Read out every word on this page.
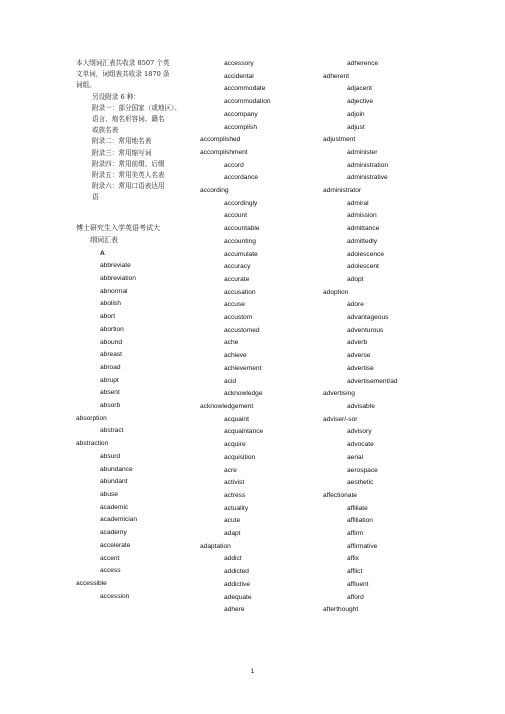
本大纲词汇表共收录 8507 个英
文单词，词组表共收录 1870 条
词组。
另设附录 6 种：
附录一：部分国家（或地区）、
语言、炮名形容词、籍名
或族名表
附录二：常用地名表
附录三：常用缩写词
附录四：常用前缀、后缀
附录五：常用美英人名表
附录六：常用口语表达用
语
博士研究生入学英语考试大
纲词汇表
A
abbreviate
abbreviation
abnormal
abolish
abort
abortion
abound
abreast
abroad
abrupt
absent
absorb
absorption
abstract
abstraction
absurd
abundance
abundant
abuse
academic
academician
academy
accelerate
accent
access
accessible
accession
accessory
accidental
accommodate
accommodation
accompany
accomplish
accomplished
accomplishment
accord
accordance
according
accordingly
account
accountable
accounting
accumulate
accuracy
accurate
accusation
accuse
accustom
accustomed
ache
achieve
achievement
acid
acknowledge
acknowledgement
acquaint
acquaintance
acquire
acquisition
acre
activist
actress
actuality
acute
adapt
adaptation
addict
addicted
addictive
adequate
adhere
adherence
adherent
adjacent
adjective
adjoin
adjust
adjustment
administer
administration
administrative
administrator
admiral
admission
admittance
admittedly
adolescence
adolescent
adopt
adoption
adore
advantageous
adventurous
adverb
adverse
advertise
advertisement/ad
advertising
advisable
adviser/-sor
advisory
advocate
aerial
aerospace
aesthetic
affectionate
affiliate
affiliation
affirm
affirmative
affix
afflict
affluent
afford
afterthought
1
